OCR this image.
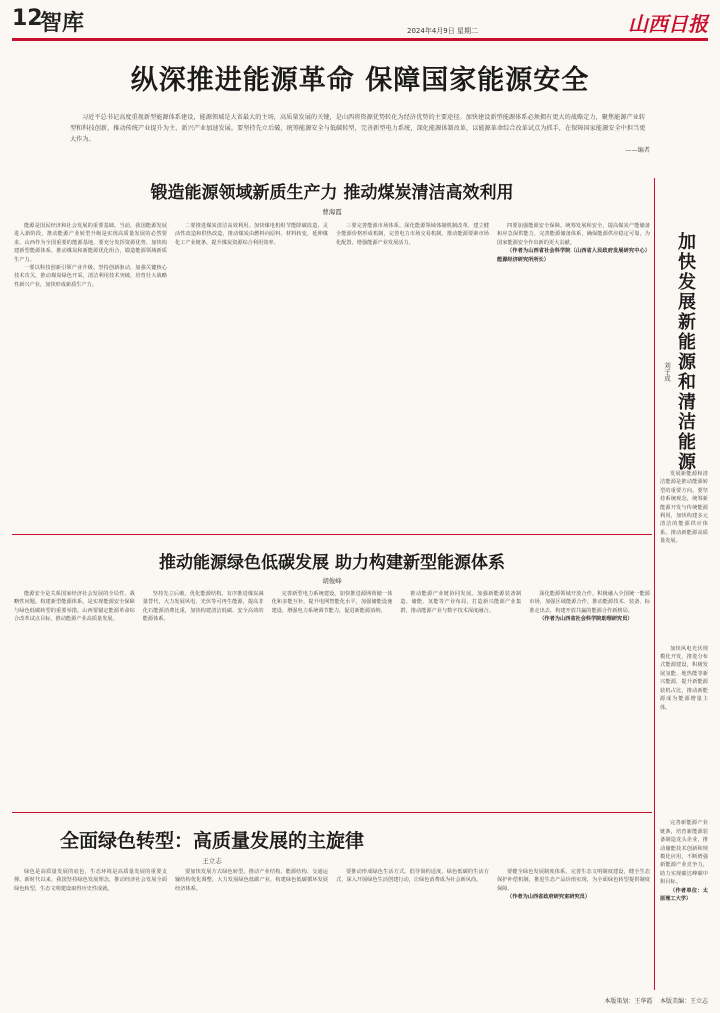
12
智库	2024年4月9日 星期二	山西日报
纵深推进能源革命 保障国家能源安全

习近平总书记高度重视新型能源体系建设，能源领域是大省最大的主场，高质量发展的关键，是山西将资源优势转化为经济优势的主要途径。加快建设新型能源体系必须拥有更大的战略定力，聚焦能源产业转型和科技创新，推动传统产业提升为主、新兴产业加速发展。要坚持先立后破，统筹能源安全与低碳转型，完善新型电力系统，深化能源体制改革，以能源革命综合改革试点为抓手，在保障国家能源安全中担当更大作为。

——编者

锻造能源领域新质生产力 推动煤炭清洁高效利用
曹海霞

能源是国民经济和社会发展的重要基础。当前，我国能源发展进入新阶段，推动能源产业转型升级是实现高质量发展的必然要求。山西作为全国重要的能源基地，要充分发挥资源优势，加快构建新型能源体系，推动煤炭和新能源优化组合，锻造能源领域新质生产力。

一要以科技创新引领产业升级。坚持创新驱动，加强关键核心技术攻关，推动煤炭绿色开采、清洁利用技术突破，培育壮大战略性新兴产业，加快形成新质生产力。

二要推进煤炭清洁高效利用。加快煤电机组节能降碳改造、灵活性改造和供热改造，推动煤炭由燃料向原料、材料转变，延伸煤化工产业链条，提升煤炭资源综合利用效率。

三要完善能源市场体系。深化能源领域体制机制改革，建立健全能源价格形成机制，完善电力市场交易机制，推动能源要素市场化配置，增强能源产业发展活力。

四要加强能源安全保障。统筹发展和安全，提高煤炭产能储备和应急保供能力，完善能源储备体系，确保能源供应稳定可靠，为国家能源安全作出新的更大贡献。

（作者为山西省社会科学院（山西省人民政府发展研究中心）能源经济研究所所长）

推动能源绿色低碳发展 助力构建新型能源体系
胡俊峰

能源安全是关系国家经济社会发展的全局性、战略性问题。构建新型能源体系，是实现能源安全保障与绿色低碳转型的重要举措。山西要锚定能源革命综合改革试点目标，推动能源产业高质量发展。

坚持先立后破，优化能源结构。有序推进煤炭减量替代，大力发展风电、光伏等可再生能源，提高非化石能源消费比重，加快构建清洁低碳、安全高效的能源体系。

完善新型电力系统建设。加快推进源网荷储一体化和多能互补，提升电网智能化水平，加强储能设施建设，增强电力系统调节能力，促进新能源消纳。

推动能源产业链协同发展。加强新能源装备制造、储能、氢能等产业布局，打造新兴能源产业集群，推动能源产业与数字技术深度融合。

深化能源领域开放合作。积极融入全国统一能源市场，加强区域能源合作，推动能源技术、装备、标准走出去，构建开放共赢的能源合作新格局。

（作者为山西省社会科学院助理研究员）

全面绿色转型：高质量发展的主旋律
王立志

绿色是高质量发展的底色，生态环境是高质量发展的重要支撑。新时代以来，我国坚持绿色发展理念，推动经济社会发展全面绿色转型，生态文明建设取得历史性成就。

要加快发展方式绿色转型。推动产业结构、能源结构、交通运输结构优化调整，大力发展绿色低碳产业，构建绿色低碳循环发展经济体系。

要推动形成绿色生活方式。倡导简约适度、绿色低碳的生活方式，深入开展绿色生活创建行动，让绿色消费成为社会新风尚。

要健全绿色发展制度体系。完善生态文明制度建设，健全生态保护补偿机制，推进生态产品价值实现，为全面绿色转型提供制度保障。

（作者为山西省政府研究室研究员）

加快发展新能源和清洁能源
刘子成

发展新能源和清洁能源是推动能源转型的重要方向。要坚持系统观念，统筹新能源开发与传统能源利用，加快构建多元清洁的能源供应体系，推动新能源高质量发展。

加快风电光伏规模化开发，推进分布式能源建设，积极发展氢能、地热能等新兴能源，提升新能源装机占比，推动新能源成为能源增量主体。

完善新能源产业链条，培育新能源装备制造龙头企业，推动储能技术创新和规模化应用，不断增强新能源产业竞争力，助力实现碳达峰碳中和目标。

（作者单位：太原理工大学）

本版策划：王华霞 本版美编：王立志
